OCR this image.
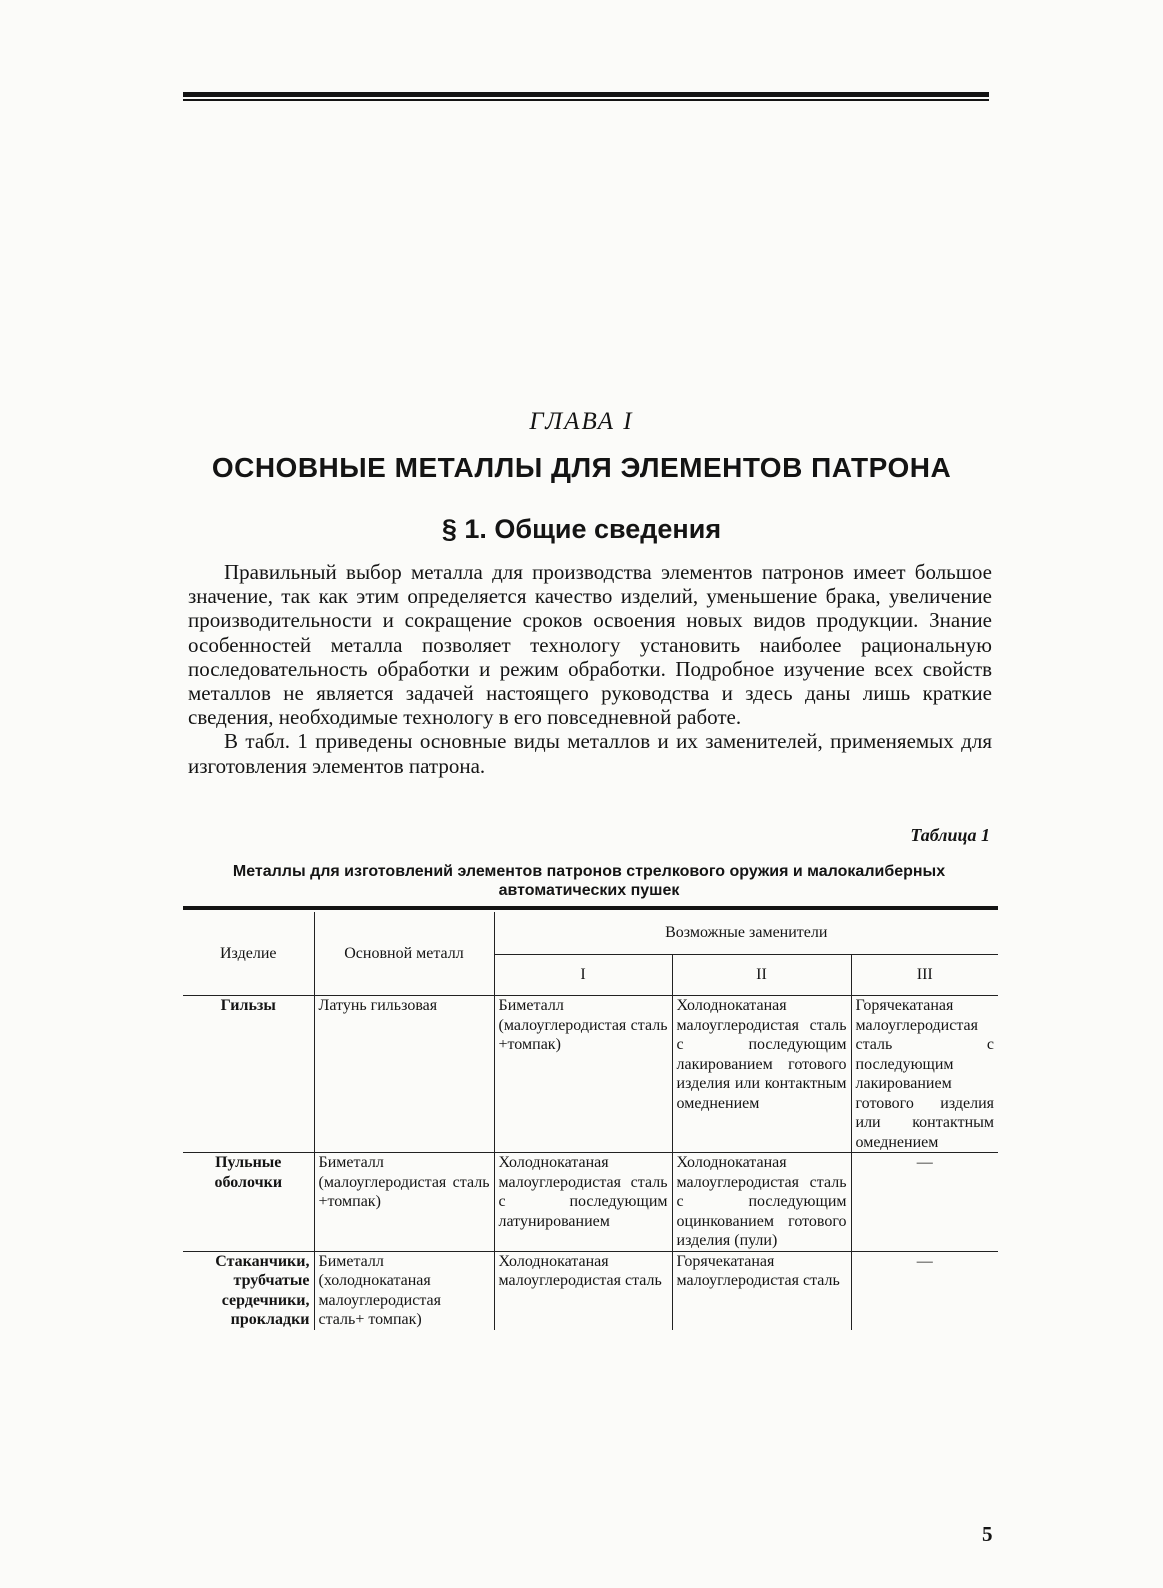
ГЛАВА I
ОСНОВНЫЕ МЕТАЛЛЫ ДЛЯ ЭЛЕМЕНТОВ ПАТРОНА
§ 1. Общие сведения

Правильный выбор металла для производства элементов патронов имеет большое значение, так как этим определяется качество изделий, уменьшение брака, увеличение производительности и сокращение сроков освоения новых видов продукции. Знание особенностей металла позволяет технологу установить наиболее рациональную последовательность обработки и режим обработки. Подробное изучение всех свойств металлов не является задачей настоящего руководства и здесь даны лишь краткие сведения, необходимые технологу в его повседневной работе.

В табл. 1 приведены основные виды металлов и их заменителей, применяемых для изготовления элементов патрона.

Таблица 1
Металлы для изготовлений элементов патронов стрелкового оружия и малокалиберных автоматических пушек
Изделие	Основной металл	Возможные заменители		
		I	II	III
Гильзы	Латунь гильзовая	Биметалл (малоуглеродистая сталь +томпак)	Холоднокатаная малоуглеродистая сталь с последующим лакированием готового изделия или контактным омеднением	Горячекатаная малоуглеродистая сталь с последующим лакированием готового изделия или контактным омеднением
Пульные оболочки	Биметалл (малоуглеродистая сталь +томпак)	Холоднокатаная малоуглеродистая сталь с последующим латунированием	Холоднокатаная малоуглеродистая сталь с последующим оцинкованием готового изделия (пули)	—
Стаканчики, трубчатые сердечники, прокладки	Биметалл (холоднокатаная малоуглеродистая сталь+ томпак)	Холоднокатаная малоуглеродистая сталь	Горячекатаная малоуглеродистая сталь	—
5
